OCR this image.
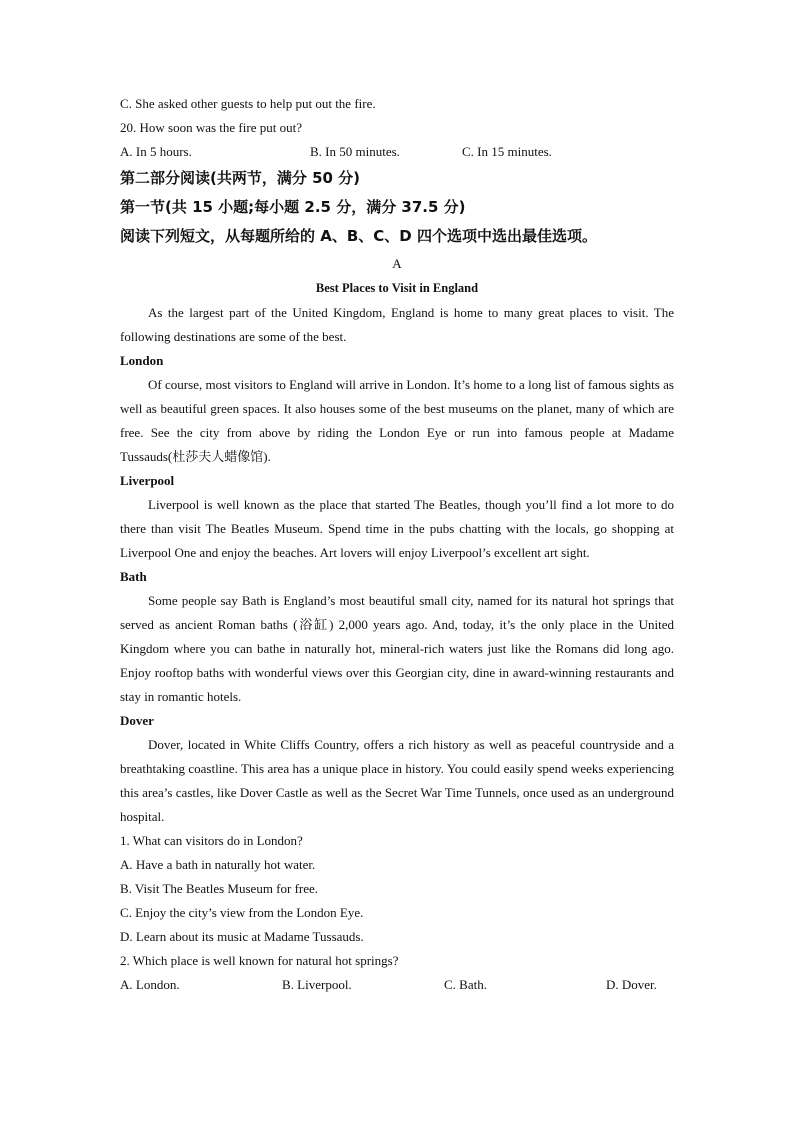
C. She asked other guests to help put out the fire.
20. How soon was the fire put out?
A. In 5 hours.	B. In 50 minutes.	C. In 15 minutes.
第二部分阅读(共两节，满分 50 分)
第一节(共 15 小题;每小题 2.5 分，满分 37.5 分)
阅读下列短文，从每题所给的 A、B、C、D 四个选项中选出最佳选项。
A
Best Places to Visit in England

As the largest part of the United Kingdom, England is home to many great places to visit. The following destinations are some of the best.

London

Of course, most visitors to England will arrive in London. It’s home to a long list of famous sights as well as beautiful green spaces. It also houses some of the best museums on the planet, many of which are free. See the city from above by riding the London Eye or run into famous people at Madame Tussauds(杜莎夫人蜡像馆).

Liverpool

Liverpool is well known as the place that started The Beatles, though you’ll find a lot more to do there than visit The Beatles Museum. Spend time in the pubs chatting with the locals, go shopping at Liverpool One and enjoy the beaches. Art lovers will enjoy Liverpool’s excellent art sight.

Bath

Some people say Bath is England’s most beautiful small city, named for its natural hot springs that served as ancient Roman baths (浴缸) 2,000 years ago. And, today, it’s the only place in the United Kingdom where you can bathe in naturally hot, mineral-rich waters just like the Romans did long ago. Enjoy rooftop baths with wonderful views over this Georgian city, dine in award-winning restaurants and stay in romantic hotels.

Dover

Dover, located in White Cliffs Country, offers a rich history as well as peaceful countryside and a breathtaking coastline. This area has a unique place in history. You could easily spend weeks experiencing this area’s castles, like Dover Castle as well as the Secret War Time Tunnels, once used as an underground hospital.

1. What can visitors do in London?
A. Have a bath in naturally hot water.
B. Visit The Beatles Museum for free.
C. Enjoy the city’s view from the London Eye.
D. Learn about its music at Madame Tussauds.
2. Which place is well known for natural hot springs?
A. London.	B. Liverpool.	C. Bath.	D. Dover.
